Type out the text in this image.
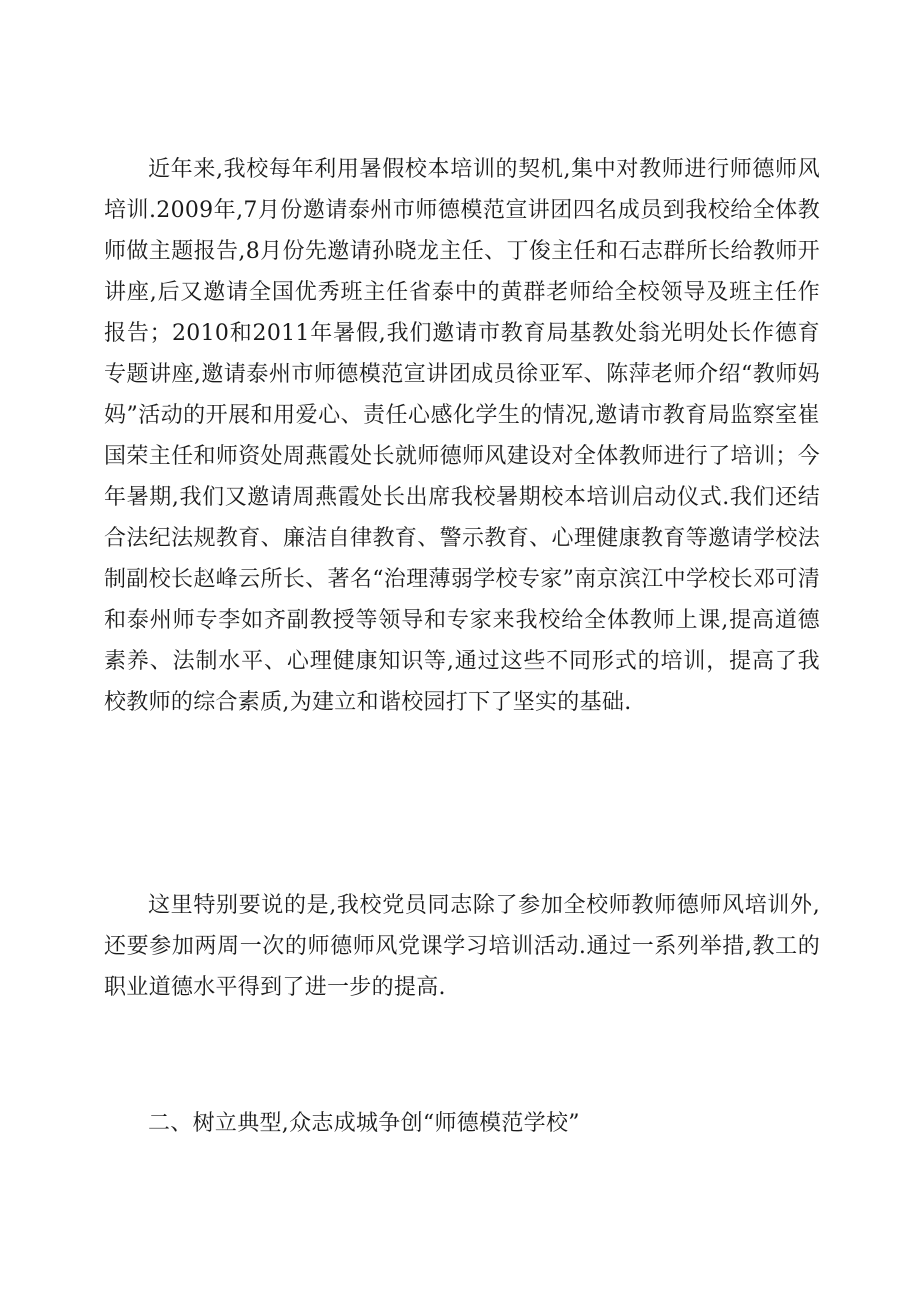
近年来,我校每年利用暑假校本培训的契机,集中对教师进行师德师风培训.2009年,7月份邀请泰州市师德模范宣讲团四名成员到我校给全体教师做主题报告,8月份先邀请孙晓龙主任、丁俊主任和石志群所长给教师开讲座,后又邀请全国优秀班主任省泰中的黄群老师给全校领导及班主任作报告；2010和2011年暑假,我们邀请市教育局基教处翁光明处长作德育专题讲座,邀请泰州市师德模范宣讲团成员徐亚军、陈萍老师介绍“教师妈妈”活动的开展和用爱心、责任心感化学生的情况,邀请市教育局监察室崔国荣主任和师资处周燕霞处长就师德师风建设对全体教师进行了培训；今年暑期,我们又邀请周燕霞处长出席我校暑期校本培训启动仪式.我们还结合法纪法规教育、廉洁自律教育、警示教育、心理健康教育等邀请学校法制副校长赵峰云所长、著名“治理薄弱学校专家”南京滨江中学校长邓可清和泰州师专李如齐副教授等领导和专家来我校给全体教师上课,提高道德素养、法制水平、心理健康知识等,通过这些不同形式的培训，提高了我校教师的综合素质,为建立和谐校园打下了坚实的基础.

这里特别要说的是,我校党员同志除了参加全校师教师德师风培训外,还要参加两周一次的师德师风党课学习培训活动.通过一系列举措,教工的职业道德水平得到了进一步的提高.

二、树立典型,众志成城争创“师德模范学校”
